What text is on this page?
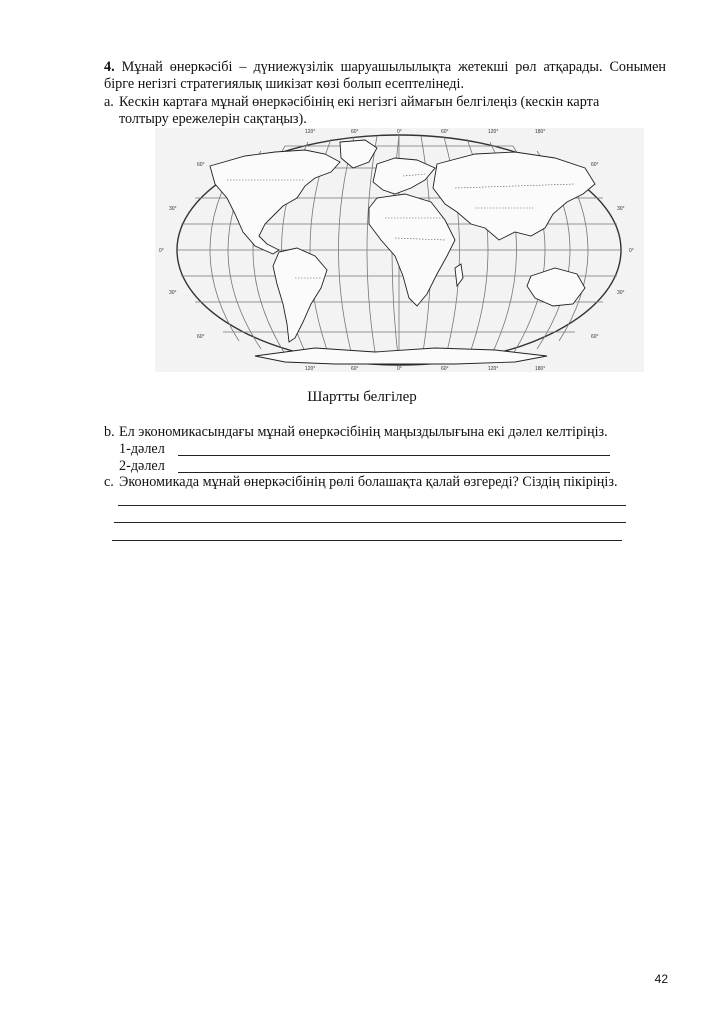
4. Мұнай өнеркәсібі – дүниежүзілік шаруашылылықта жетекші рөл атқарады. Сонымен бірге негізгі стратегиялық шикізат көзі болып есептелінеді.
a. Кескін картаға мұнай өнеркәсібінің екі негізгі аймағын белгілеңіз (кескін карта
толтыру ережелерін сақтаңыз).
120°	60°	0°	60°	120°	180°
120°	60°	0°	60°	120°	180°
60°
30°
0°
30°
60°
60°
30°
0°
30°
60°
Шартты белгілер
b. Ел экономикасындағы мұнай өнеркәсібінің маңыздылығына екі дәлел келтіріңіз.
1-дәлел
2-дәлел
c. Экономикада мұнай өнеркәсібінің рөлі болашақта қалай өзгереді? Сіздің пікіріңіз.
42
